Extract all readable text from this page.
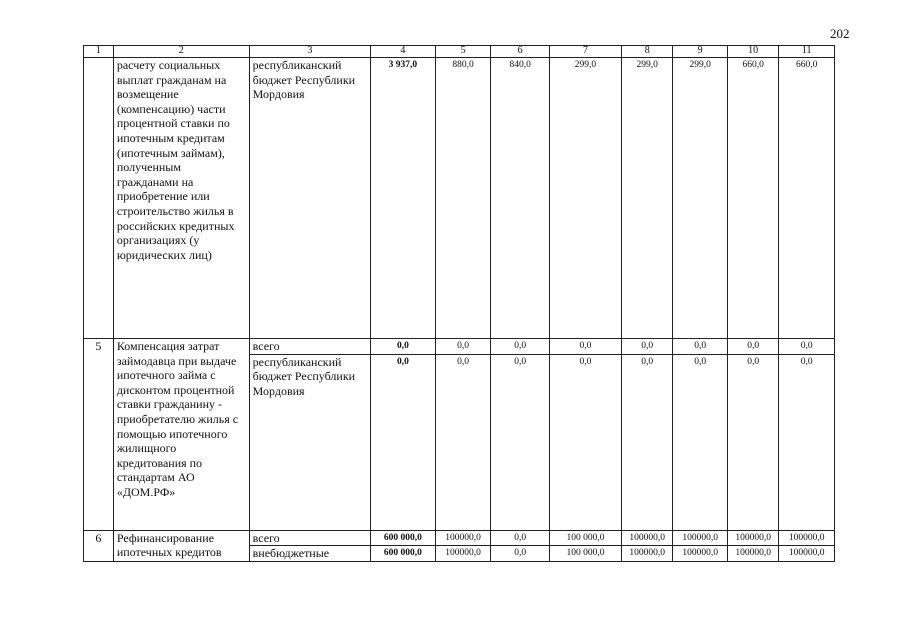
202
1	2	3	4	5	6	7	8	9	10	11
	расчету социальных выплат гражданам на возмещение (компенсацию) части процентной ставки по ипотечным кредитам (ипотечным займам), полученным гражданами на приобретение или строительство жилья в российских кредитных организациях (у юридических лиц)	республиканский бюджет Республики Мордовия	3 937,0	880,0	840,0	299,0	299,0	299,0	660,0	660,0
5	Компенсация затрат займодавца при выдаче ипотечного займа с дисконтом процентной ставки гражданину - приобретателю жилья с помощью ипотечного жилищного кредитования по стандартам АО «ДОМ.РФ»	всего	0,0	0,0	0,0	0,0	0,0	0,0	0,0	0,0
		республиканский бюджет Республики Мордовия	0,0	0,0	0,0	0,0	0,0	0,0	0,0	0,0
6	Рефинансирование ипотечных кредитов	всего	600 000,0	100000,0	0,0	100 000,0	100000,0	100000,0	100000,0	100000,0
		внебюджетные	600 000,0	100000,0	0,0	100 000,0	100000,0	100000,0	100000,0	100000,0
